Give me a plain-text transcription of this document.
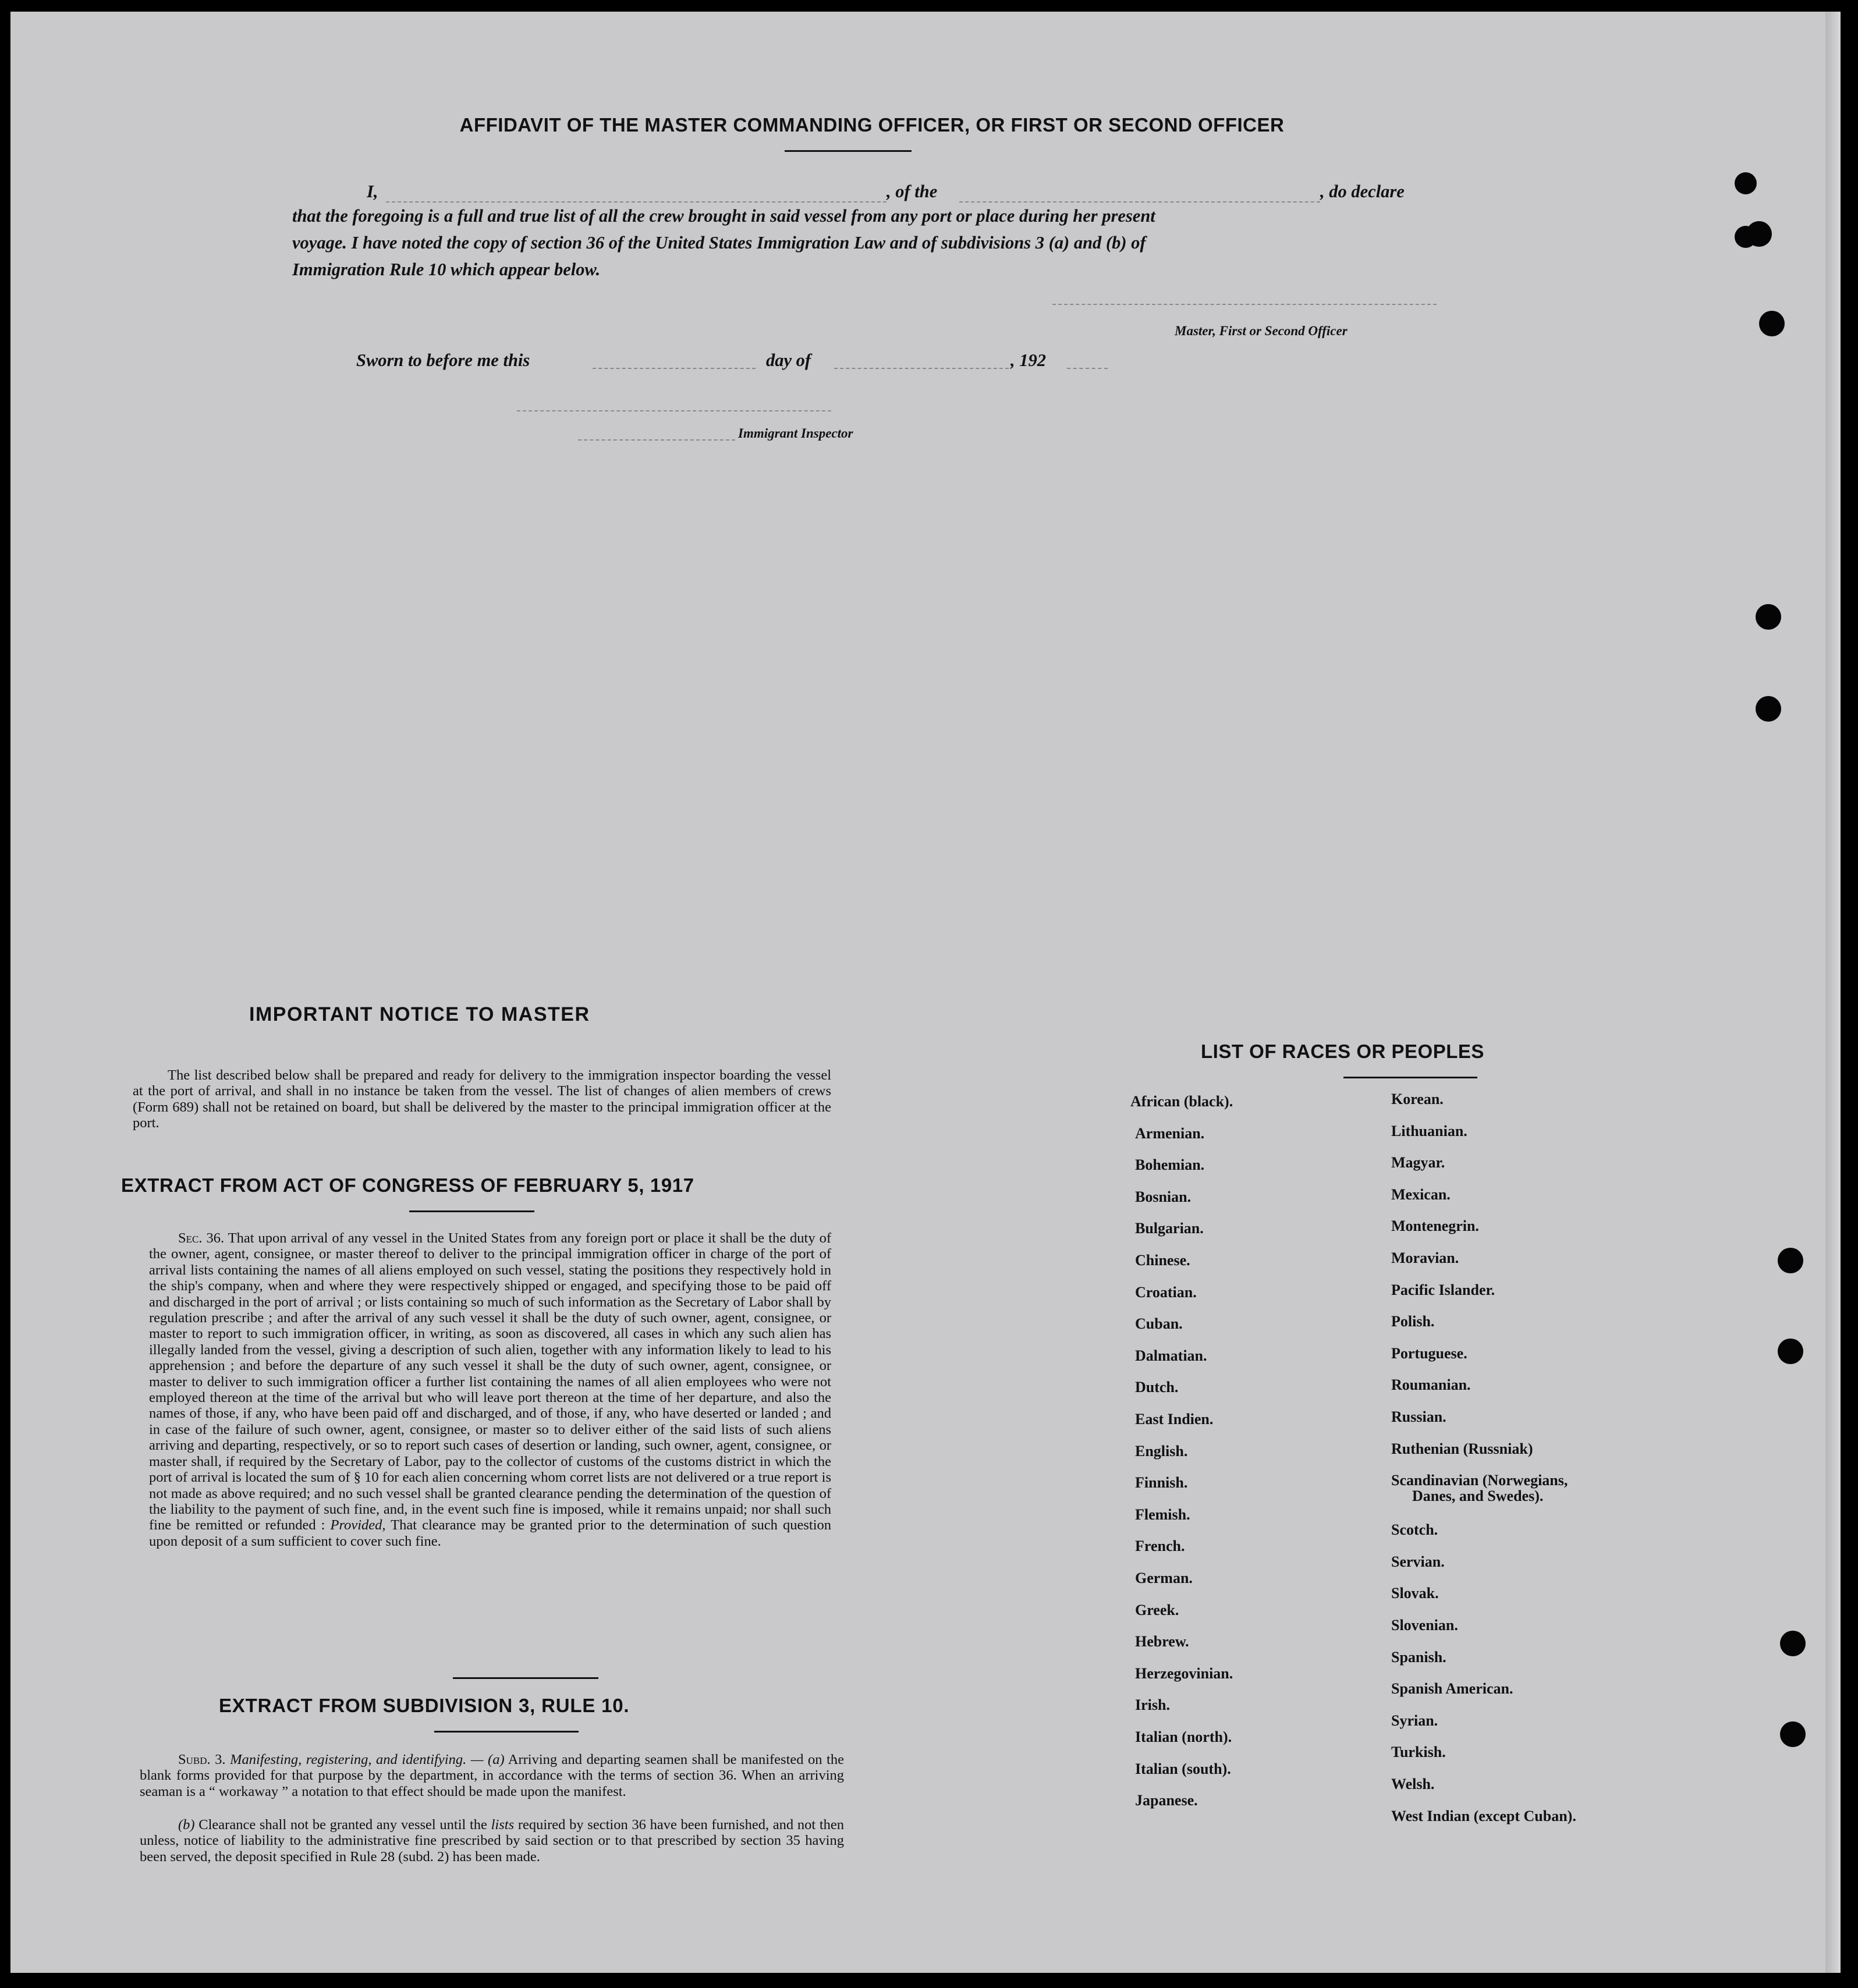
AFFIDAVIT OF THE MASTER COMMANDING OFFICER, OR FIRST OR SECOND OFFICER
I,	, of the	, do declare
that the foregoing is a full and true list of all the crew brought in said vessel from any port or place during her present
voyage. I have noted the copy of section 36 of the United States Immigration Law and of subdivisions 3 (a) and (b) of
Immigration Rule 10 which appear below.
Master, First or Second Officer
Sworn to before me this	day of	, 192
Immigrant Inspector
IMPORTANT NOTICE TO MASTER
The list described below shall be prepared and ready for delivery to the immigration inspector boarding the vessel at the port of arrival, and shall in no instance be taken from the vessel. The list of changes of alien members of crews (Form 689) shall not be retained on board, but shall be delivered by the master to the principal immigration officer at the port.
EXTRACT FROM ACT OF CONGRESS OF FEBRUARY 5, 1917
Sec. 36. That upon arrival of any vessel in the United States from any foreign port or place it shall be the duty of the owner, agent, consignee, or master thereof to deliver to the principal immigration officer in charge of the port of arrival lists containing the names of all aliens employed on such vessel, stating the positions they respectively hold in the ship's company, when and where they were respectively shipped or engaged, and specifying those to be paid off and discharged in the port of arrival ; or lists containing so much of such information as the Secretary of Labor shall by regulation prescribe ; and after the arrival of any such vessel it shall be the duty of such owner, agent, consignee, or master to report to such immigration officer, in writing, as soon as discovered, all cases in which any such alien has illegally landed from the vessel, giving a description of such alien, together with any information likely to lead to his apprehension ; and before the departure of any such vessel it shall be the duty of such owner, agent, consignee, or master to deliver to such immigration officer a further list containing the names of all alien employees who were not employed thereon at the time of the arrival but who will leave port thereon at the time of her departure, and also the names of those, if any, who have been paid off and discharged, and of those, if any, who have deserted or landed ; and in case of the failure of such owner, agent, consignee, or master so to deliver either of the said lists of such aliens arriving and departing, respectively, or so to report such cases of desertion or landing, such owner, agent, consignee, or master shall, if required by the Secretary of Labor, pay to the collector of customs of the customs district in which the port of arrival is located the sum of § 10 for each alien concerning whom corret lists are not delivered or a true report is not made as above required; and no such vessel shall be granted clearance pending the determination of the question of the liability to the payment of such fine, and, in the event such fine is imposed, while it remains unpaid; nor shall such fine be remitted or refunded : Provided, That clearance may be granted prior to the determination of such question upon deposit of a sum sufficient to cover such fine.
EXTRACT FROM SUBDIVISION 3, RULE 10.
Subd. 3. Manifesting, registering, and identifying. — (a) Arriving and departing seamen shall be manifested on the blank forms provided for that purpose by the department, in accordance with the terms of section 36. When an arriving seaman is a “ workaway ” a notation to that effect should be made upon the manifest.
(b) Clearance shall not be granted any vessel until the lists required by section 36 have been furnished, and not then unless, notice of liability to the administrative fine prescribed by said section or to that prescribed by section 35 having been served, the deposit specified in Rule 28 (subd. 2) has been made.
LIST OF RACES OR PEOPLES
African (black).
Armenian.
Bohemian.
Bosnian.
Bulgarian.
Chinese.
Croatian.
Cuban.
Dalmatian.
Dutch.
East Indien.
English.
Finnish.
Flemish.
French.
German.
Greek.
Hebrew.
Herzegovinian.
Irish.
Italian (north).
Italian (south).
Japanese.
Korean.
Lithuanian.
Magyar.
Mexican.
Montenegrin.
Moravian.
Pacific Islander.
Polish.
Portuguese.
Roumanian.
Russian.
Ruthenian (Russniak)
Scandinavian (Norwegians,
Danes, and Swedes).
Scotch.
Servian.
Slovak.
Slovenian.
Spanish.
Spanish American.
Syrian.
Turkish.
Welsh.
West Indian (except Cuban).
